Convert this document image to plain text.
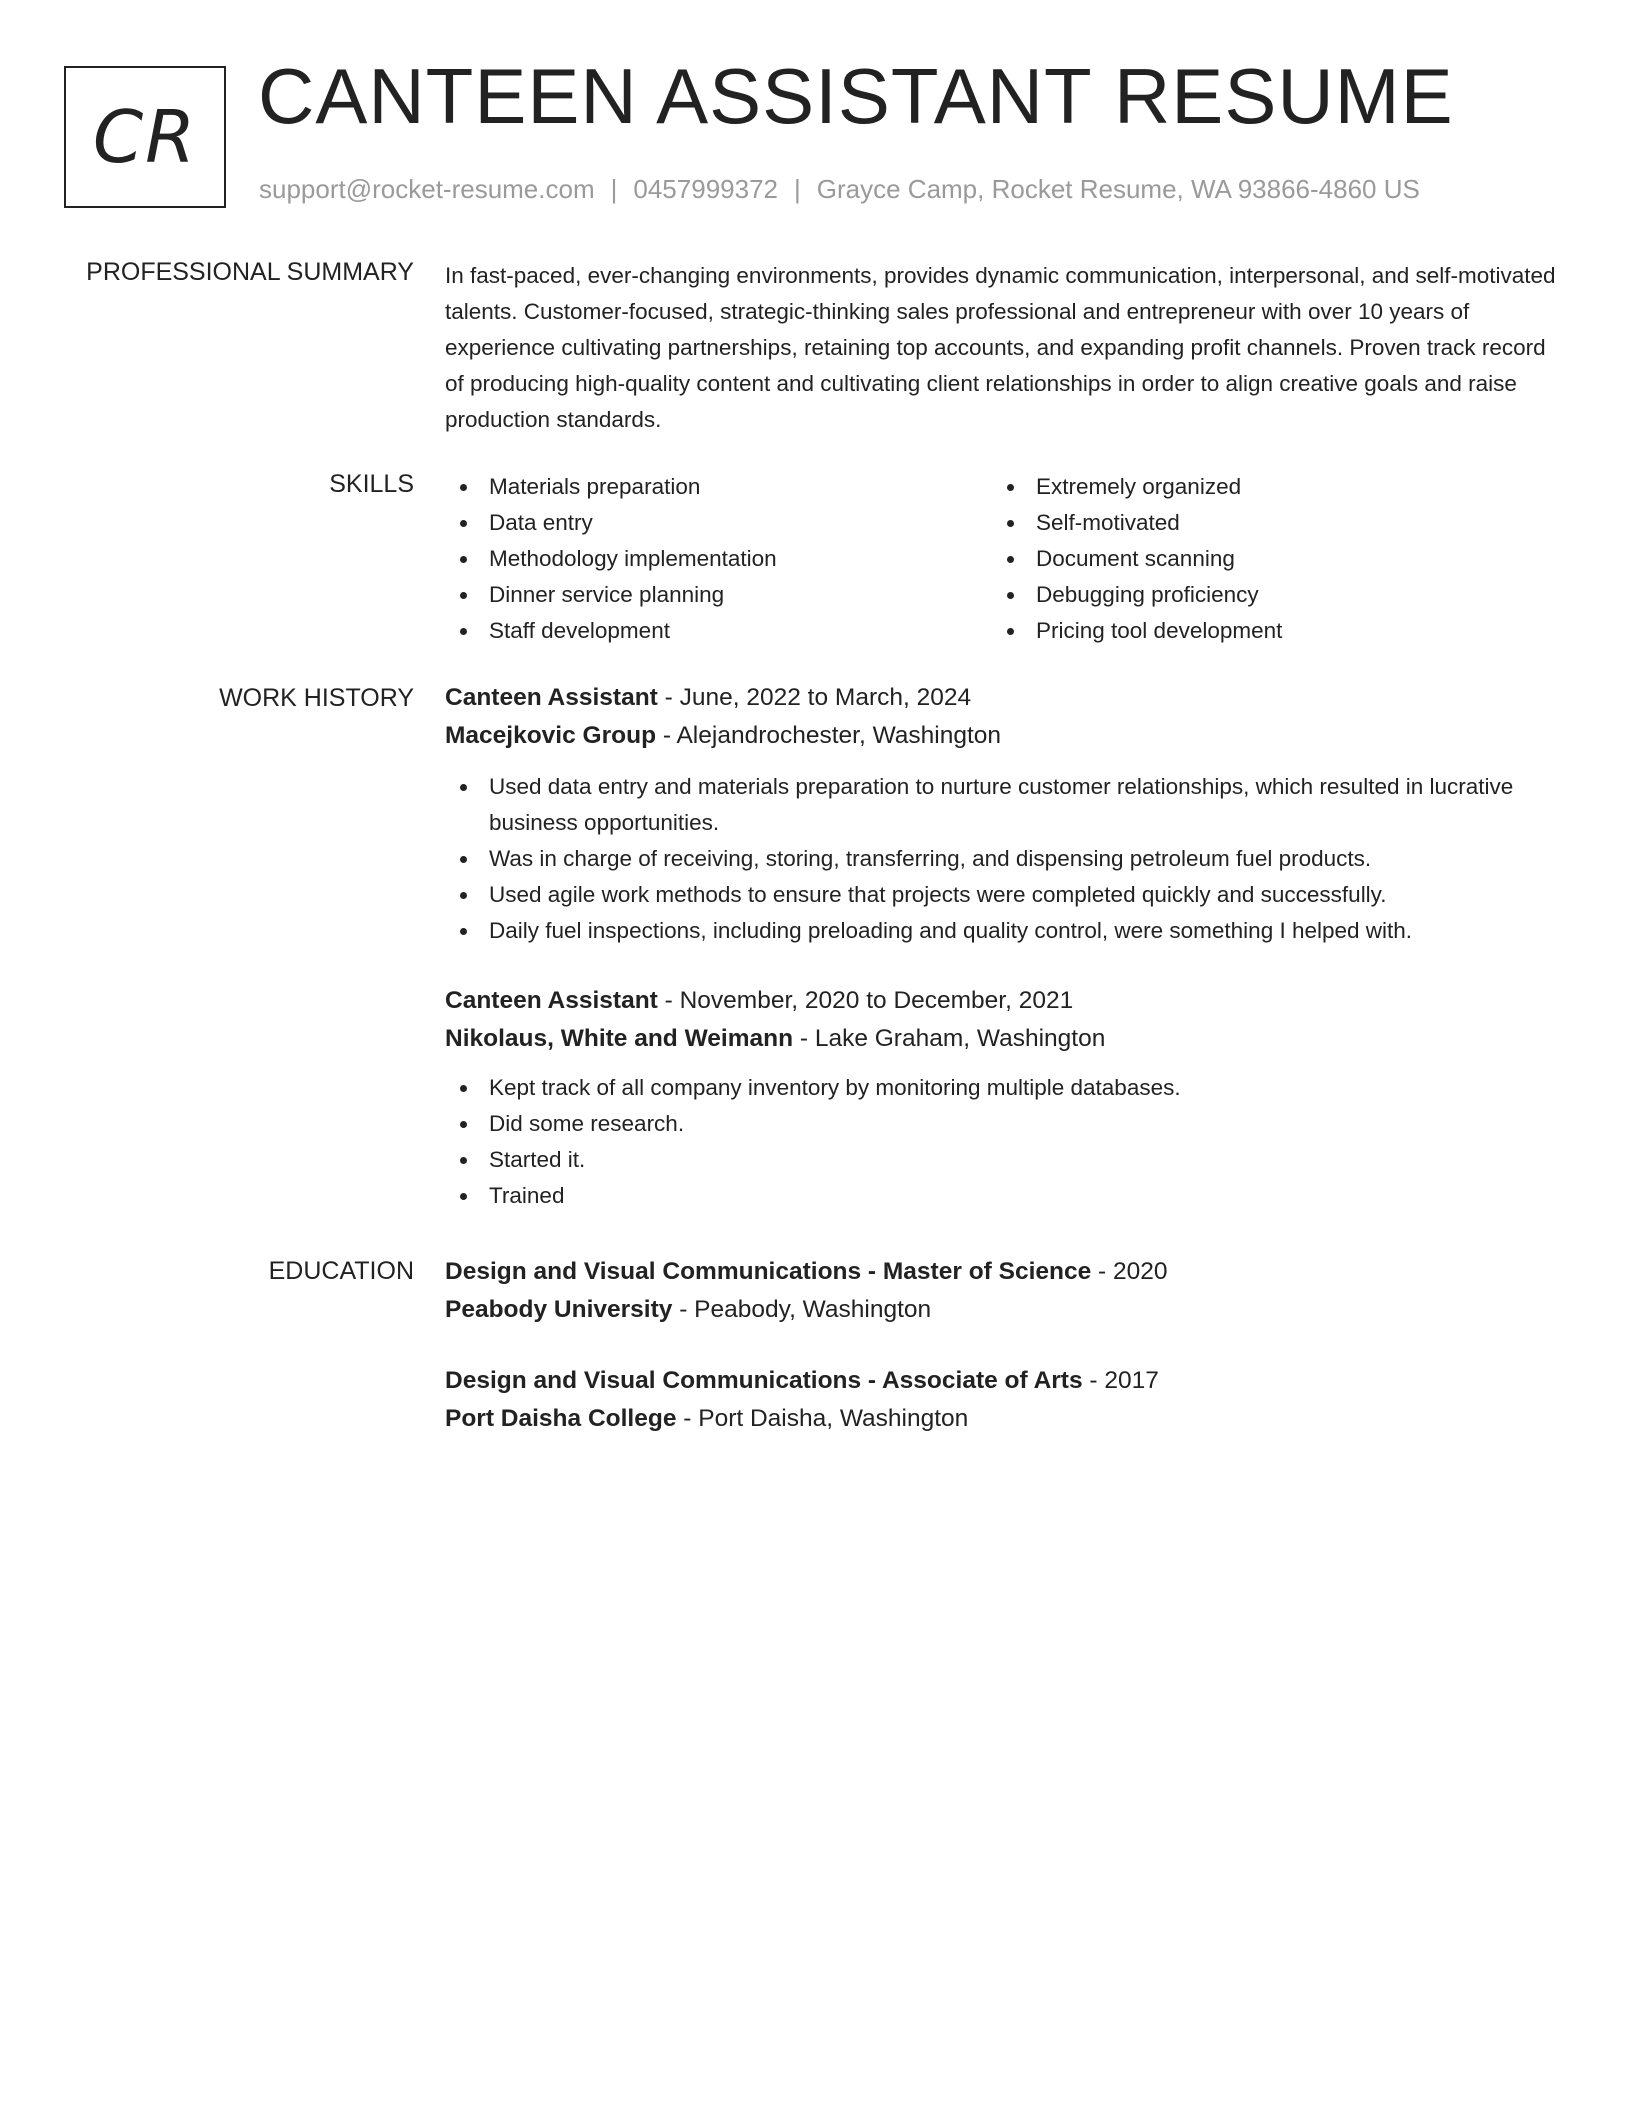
CR CANTEEN ASSISTANT RESUME
support@rocket-resume.com | 0457999372 | Grayce Camp, Rocket Resume, WA 93866-4860 US
PROFESSIONAL SUMMARY In fast-paced, ever-changing environments, provides dynamic communication, interpersonal, and self-motivated talents. Customer-focused, strategic-thinking sales professional and entrepreneur with over 10 years of experience cultivating partnerships, retaining top accounts, and expanding profit channels. Proven track record of producing high-quality content and cultivating client relationships in order to align creative goals and raise production standards.
SKILLS	Materials preparation
Data entry
Methodology implementation
Dinner service planning
Staff development
Extremely organized
Self-motivated
Document scanning
Debugging proficiency
Pricing tool development
WORK HISTORY Canteen Assistant - June, 2022 to March, 2024
Macejkovic Group - Alejandrochester, Washington
Used data entry and materials preparation to nurture customer relationships, which resulted in lucrative business opportunities.
Was in charge of receiving, storing, transferring, and dispensing petroleum fuel products.
Used agile work methods to ensure that projects were completed quickly and successfully.
Daily fuel inspections, including preloading and quality control, were something I helped with.
Canteen Assistant - November, 2020 to December, 2021
Nikolaus, White and Weimann - Lake Graham, Washington
Kept track of all company inventory by monitoring multiple databases.
Did some research.
Started it.
Trained
EDUCATION Design and Visual Communications - Master of Science - 2020
Peabody University - Peabody, Washington
Design and Visual Communications - Associate of Arts - 2017
Port Daisha College - Port Daisha, Washington
